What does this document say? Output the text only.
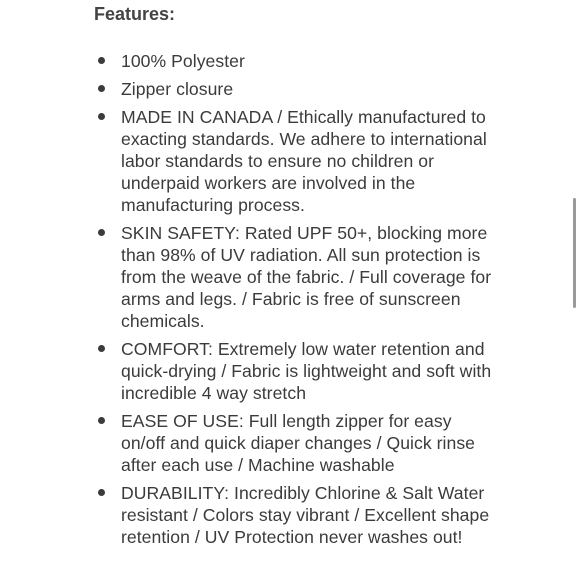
Features:
100% Polyester
Zipper closure
MADE IN CANADA / Ethically manufactured to exacting standards. We adhere to international labor standards to ensure no children or underpaid workers are involved in the manufacturing process.
SKIN SAFETY: Rated UPF 50+, blocking more than 98% of UV radiation. All sun protection is from the weave of the fabric. / Full coverage for arms and legs. / Fabric is free of sunscreen chemicals.
COMFORT: Extremely low water retention and quick-drying / Fabric is lightweight and soft with incredible 4 way stretch
EASE OF USE: Full length zipper for easy on/off and quick diaper changes / Quick rinse after each use / Machine washable
DURABILITY: Incredibly Chlorine & Salt Water resistant / Colors stay vibrant / Excellent shape retention / UV Protection never washes out!
